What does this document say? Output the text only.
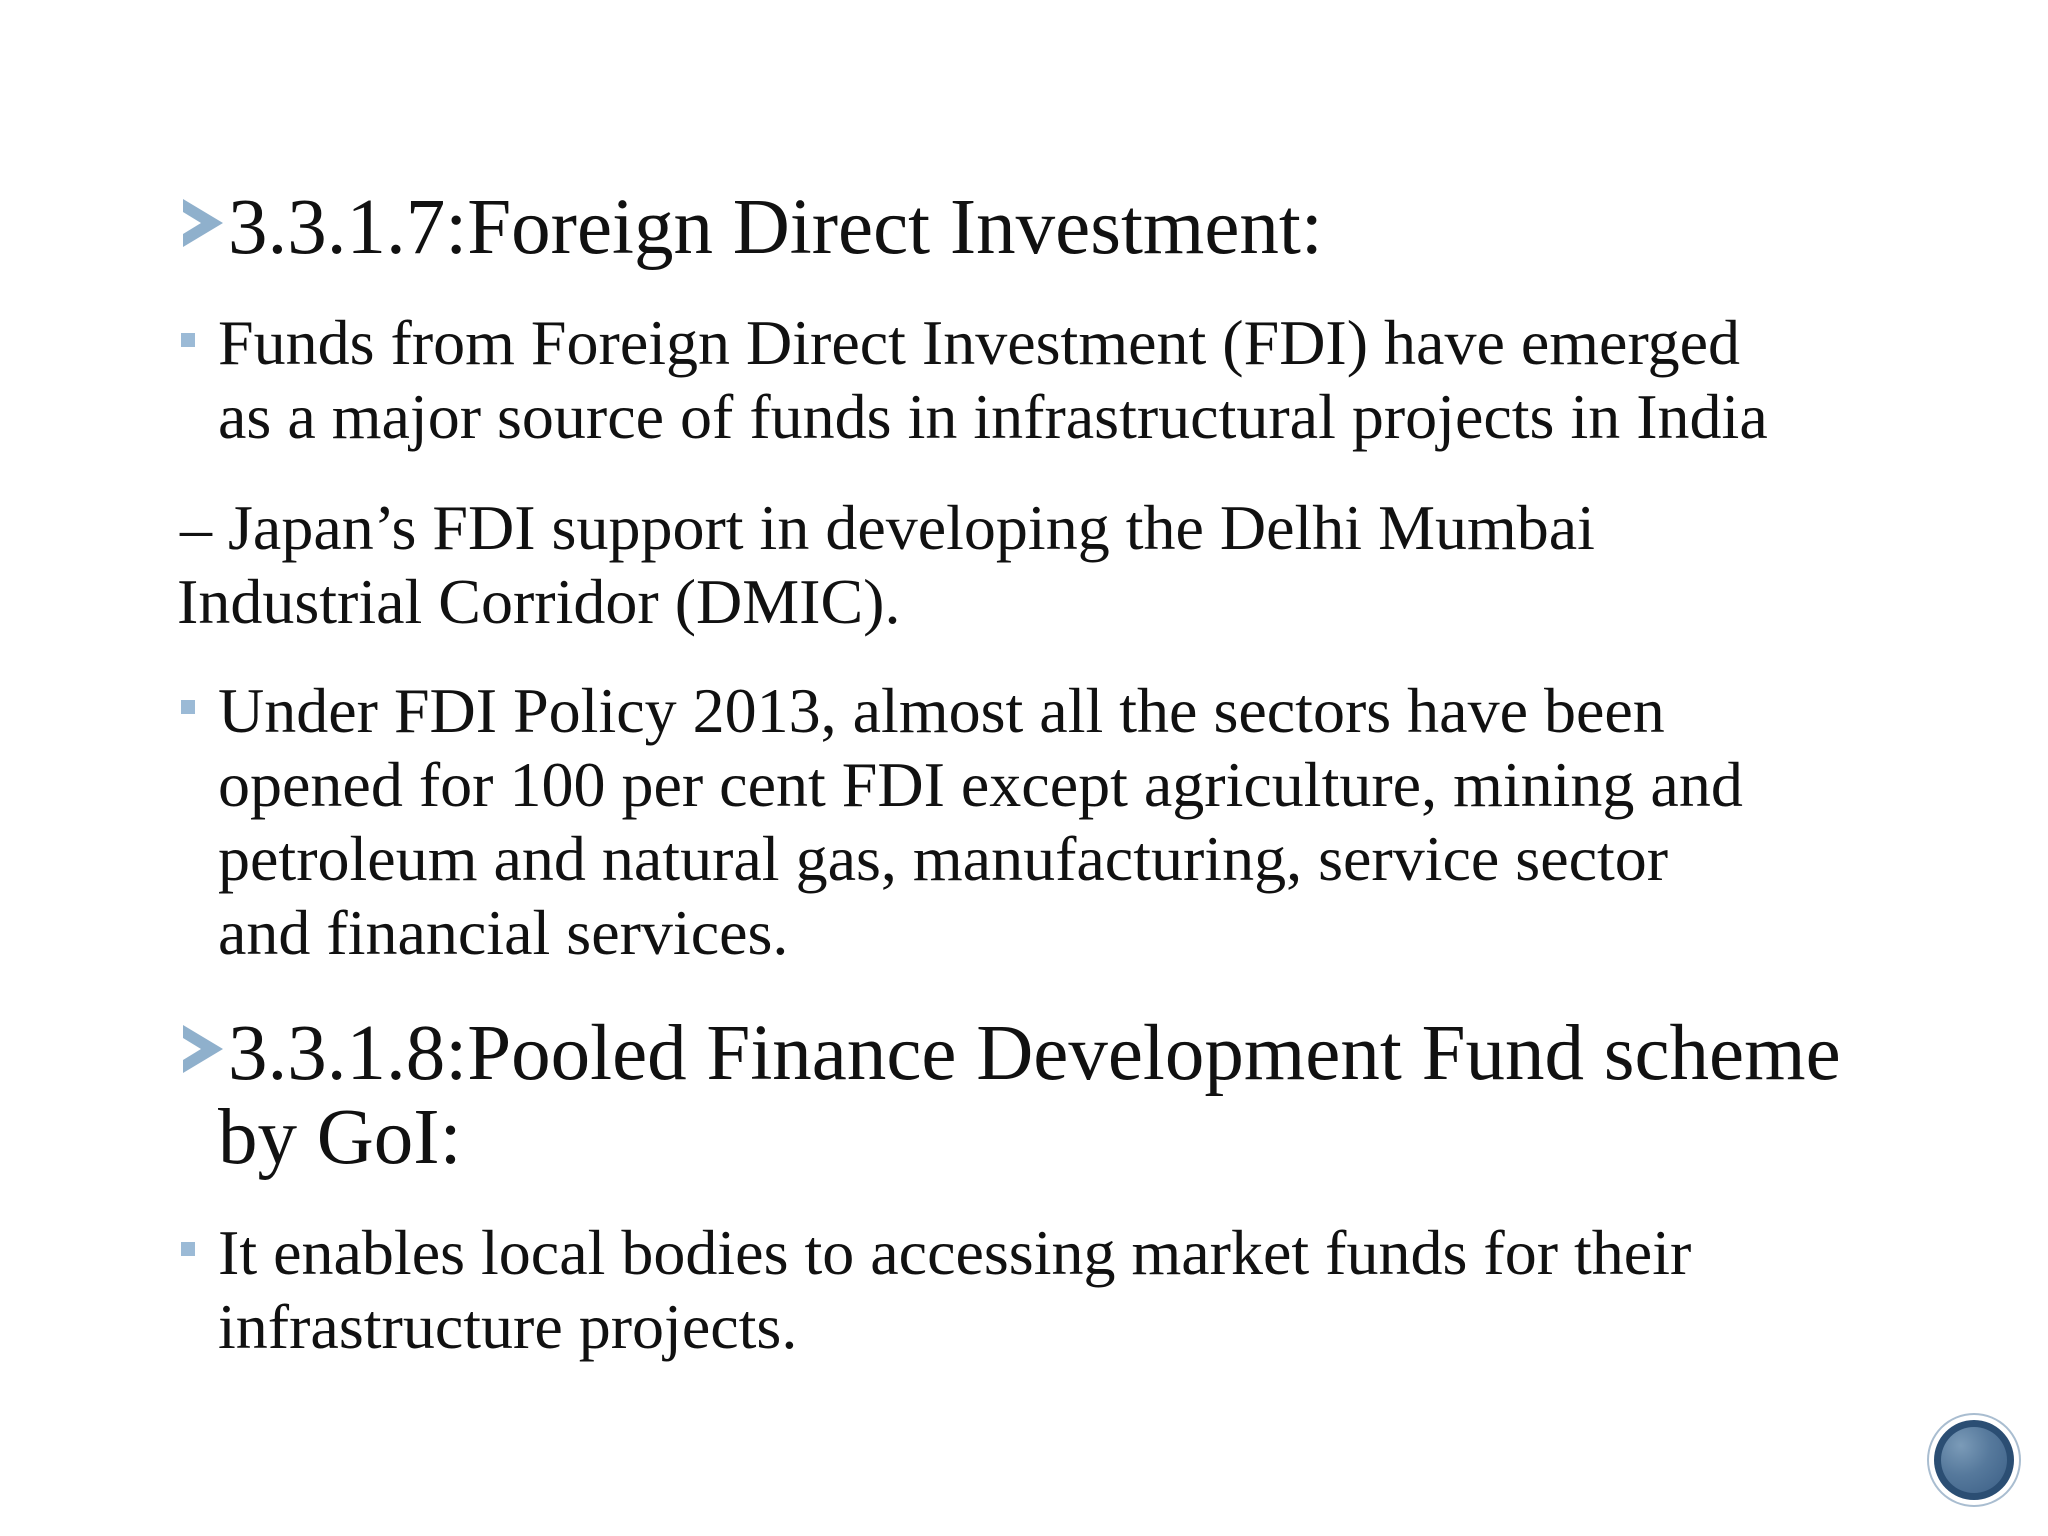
3.3.1.7:Foreign Direct Investment:
Funds from Foreign Direct Investment (FDI) have emerged
as a major source of funds in infrastructural projects in India
– Japan’s FDI support in developing the Delhi Mumbai
Industrial Corridor (DMIC).
Under FDI Policy 2013, almost all the sectors have been
opened for 100 per cent FDI except agriculture, mining and
petroleum and natural gas, manufacturing, service sector
and financial services.
3.3.1.8:Pooled Finance Development Fund scheme
by GoI:
It enables local bodies to accessing market funds for their
infrastructure projects.
